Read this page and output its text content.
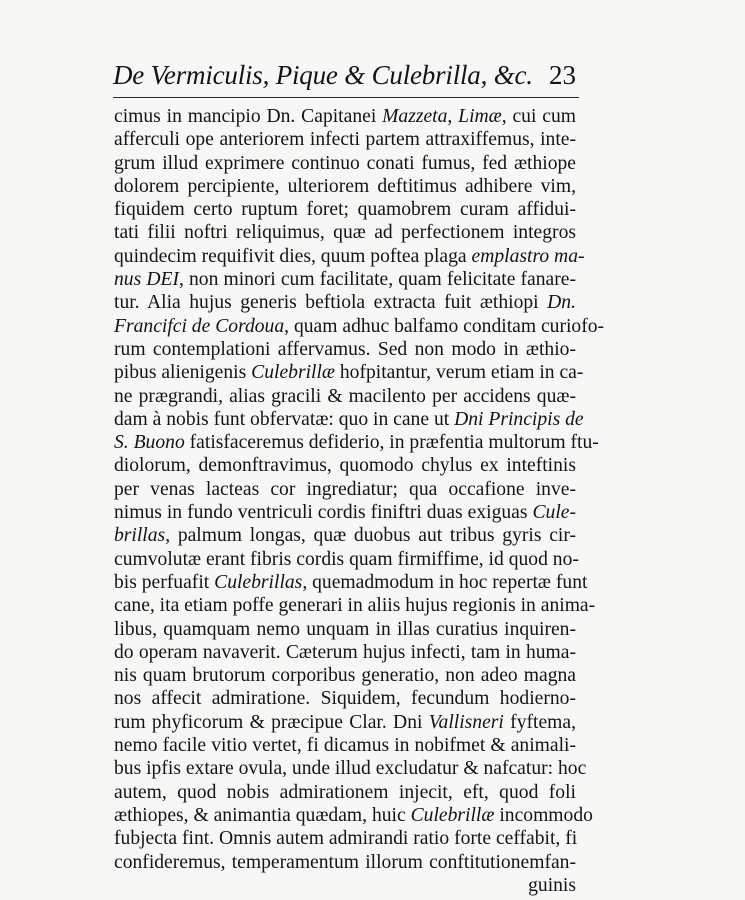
De Vermiculis, Pique & Culebrilla, &c. 23
cimus in mancipio Dn. Capitanei Mazzeta, Limæ, cui cum
afferculi ope anteriorem infecti partem attraxiffemus, inte-
grum illud exprimere continuo conati fumus, fed æthiope
dolorem percipiente, ulteriorem deftitimus adhibere vim,
fiquidem certo ruptum foret; quamobrem curam affidui-
tati filii noftri reliquimus, quæ ad perfectionem integros
quindecim requifivit dies, quum poftea plaga emplastro ma-
nus DEI, non minori cum facilitate, quam felicitate fanare-
tur. Alia hujus generis beftiola extracta fuit æthiopi Dn.
Francifci de Cordoua, quam adhuc balfamo conditam curiofo-
rum contemplationi affervamus. Sed non modo in æthio-
pibus alienigenis Culebrillæ hofpitantur, verum etiam in ca-
ne prægrandi, alias gracili & macilento per accidens quæ-
dam à nobis funt obfervatæ: quo in cane ut Dni Principis de
S. Buono fatisfaceremus defiderio, in præfentia multorum ftu-
diolorum, demonftravimus, quomodo chylus ex inteftinis
per venas lacteas cor ingrediatur; qua occafione inve-
nimus in fundo ventriculi cordis finiftri duas exiguas Cule-
brillas, palmum longas, quæ duobus aut tribus gyris cir-
cumvolutæ erant fibris cordis quam firmiffime, id quod no-
bis perfuafit Culebrillas, quemadmodum in hoc repertæ funt
cane, ita etiam poffe generari in aliis hujus regionis in anima-
libus, quamquam nemo unquam in illas curatius inquiren-
do operam navaverit. Cæterum hujus infecti, tam in huma-
nis quam brutorum corporibus generatio, non adeo magna
nos affecit admiratione. Siquidem, fecundum hodierno-
rum phyficorum & præcipue Clar. Dni Vallisneri fyftema,
nemo facile vitio vertet, fi dicamus in nobifmet & animali-
bus ipfis extare ovula, unde illud excludatur & nafcatur: hoc
autem, quod nobis admirationem injecit, eft, quod foli
æthiopes, & animantia quædam, huic Culebrillæ incommodo
fubjecta fint. Omnis autem admirandi ratio forte ceffabit, fi
confideremus, temperamentum illorum conftitutionemfan-
guinis
